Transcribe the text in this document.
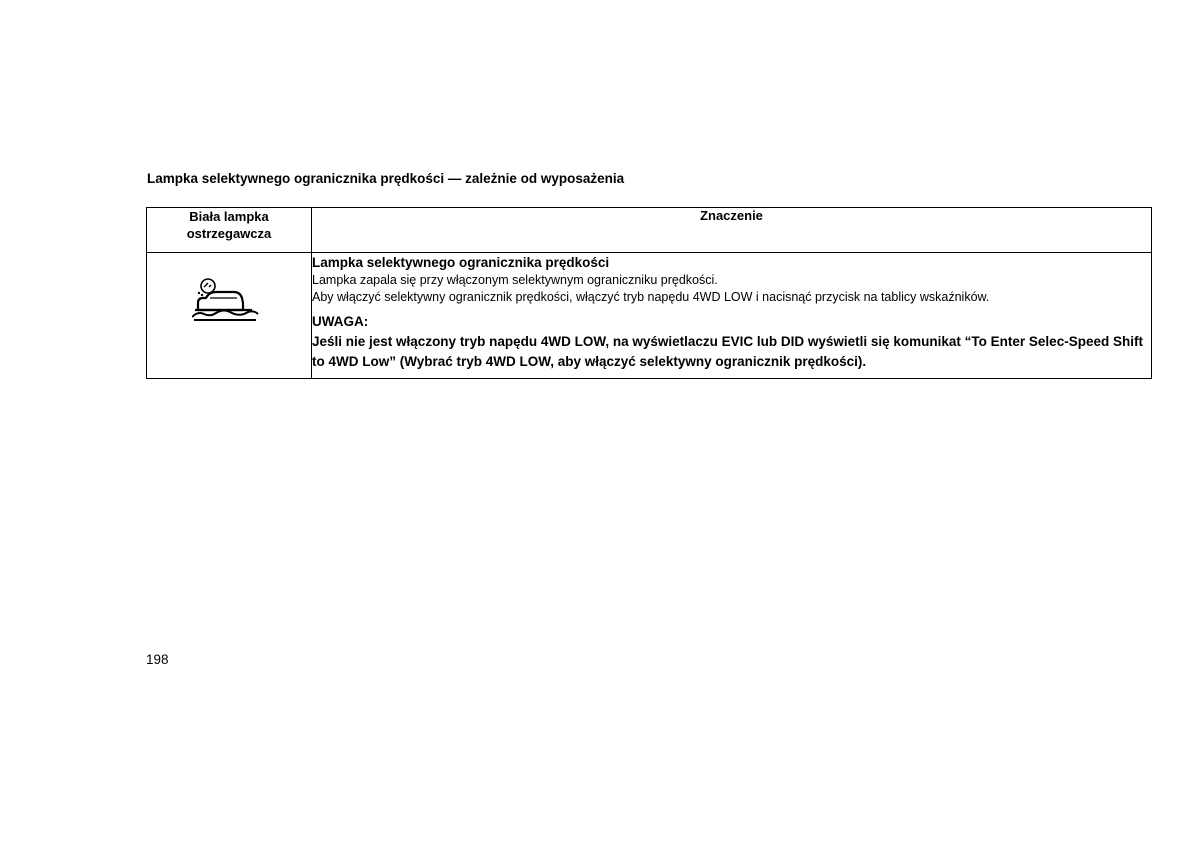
Lampka selektywnego ogranicznika prędkości — zależnie od wyposażenia
Biała lampka ostrzegawcza	Znaczenie

Lampka selektywnego ogranicznika prędkości
Lampka zapala się przy włączonym selektywnym ograniczniku prędkości.
Aby włączyć selektywny ogranicznik prędkości, włączyć tryb napędu 4WD LOW i nacisnąć przycisk na tablicy wskaźników.
UWAGA:
Jeśli nie jest włączony tryb napędu 4WD LOW, na wyświetlaczu EVIC lub DID wyświetli się komunikat “To Enter Selec-Speed Shift to 4WD Low” (Wybrać tryb 4WD LOW, aby włączyć selektywny ogranicznik prędkości).
198
